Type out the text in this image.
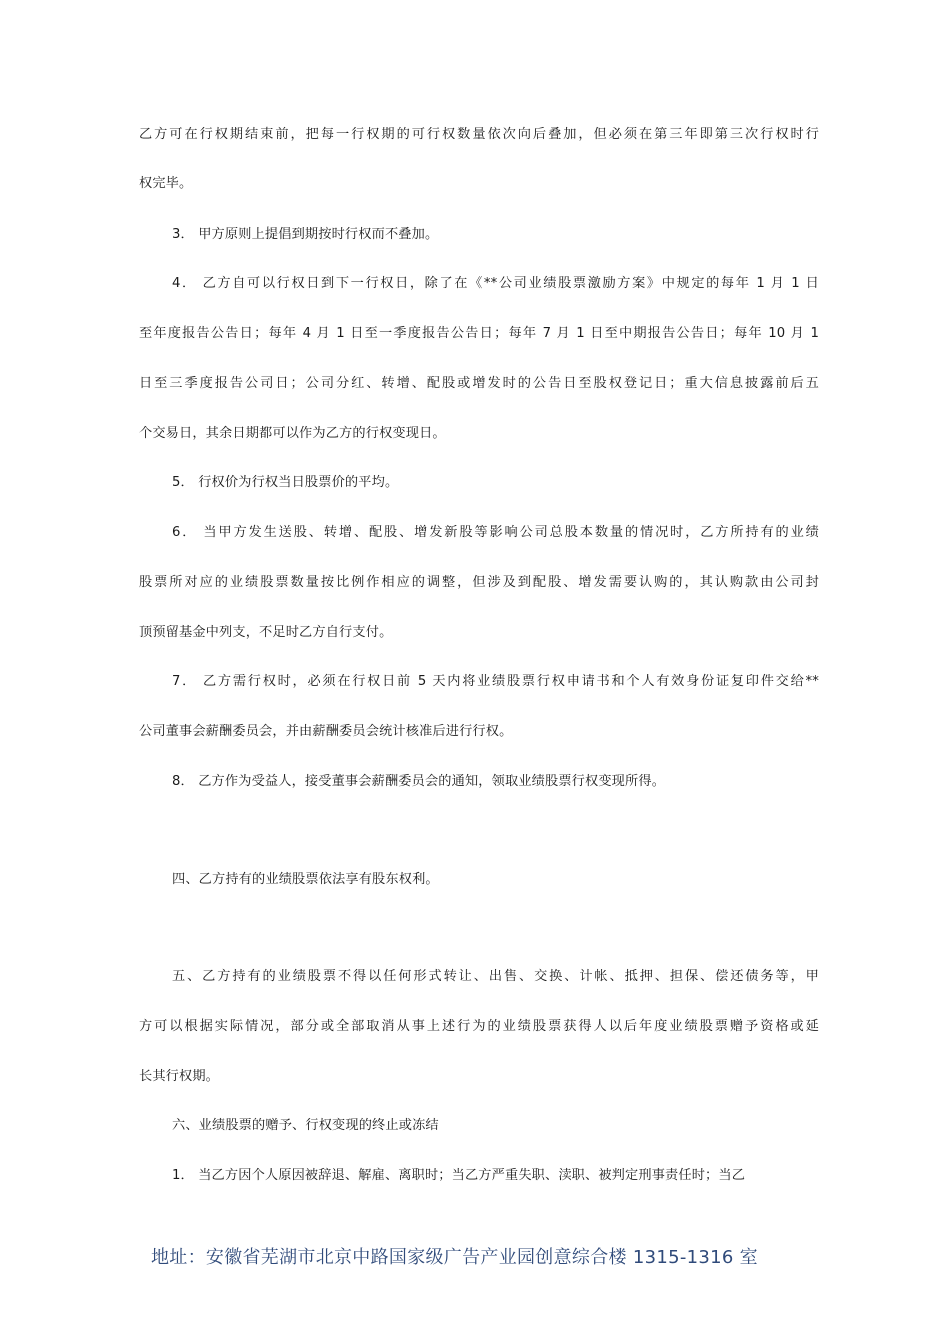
乙方可在行权期结束前，把每一行权期的可行权数量依次向后叠加，但必须在第三年即第三次行权时行
权完毕。
3． 甲方原则上提倡到期按时行权而不叠加。
4． 乙方自可以行权日到下一行权日，除了在《**公司业绩股票激励方案》中规定的每年 1 月 1 日
至年度报告公告日；每年 4 月 1 日至一季度报告公告日；每年 7 月 1 日至中期报告公告日；每年 10 月 1
日至三季度报告公司日；公司分红、转增、配股或增发时的公告日至股权登记日；重大信息披露前后五
个交易日，其余日期都可以作为乙方的行权变现日。
5． 行权价为行权当日股票价的平均。
6． 当甲方发生送股、转增、配股、增发新股等影响公司总股本数量的情况时，乙方所持有的业绩
股票所对应的业绩股票数量按比例作相应的调整，但涉及到配股、增发需要认购的，其认购款由公司封
顶预留基金中列支，不足时乙方自行支付。
7． 乙方需行权时，必须在行权日前 5 天内将业绩股票行权申请书和个人有效身份证复印件交给**
公司董事会薪酬委员会，并由薪酬委员会统计核准后进行行权。
8． 乙方作为受益人，接受董事会薪酬委员会的通知，领取业绩股票行权变现所得。
四、乙方持有的业绩股票依法享有股东权利。
五、乙方持有的业绩股票不得以任何形式转让、出售、交换、计帐、抵押、担保、偿还债务等，甲
方可以根据实际情况，部分或全部取消从事上述行为的业绩股票获得人以后年度业绩股票赠予资格或延
长其行权期。
六、业绩股票的赠予、行权变现的终止或冻结
1． 当乙方因个人原因被辞退、解雇、离职时；当乙方严重失职、渎职、被判定刑事责任时；当乙
地址：安徽省芜湖市北京中路国家级广告产业园创意综合楼 1315-1316 室
